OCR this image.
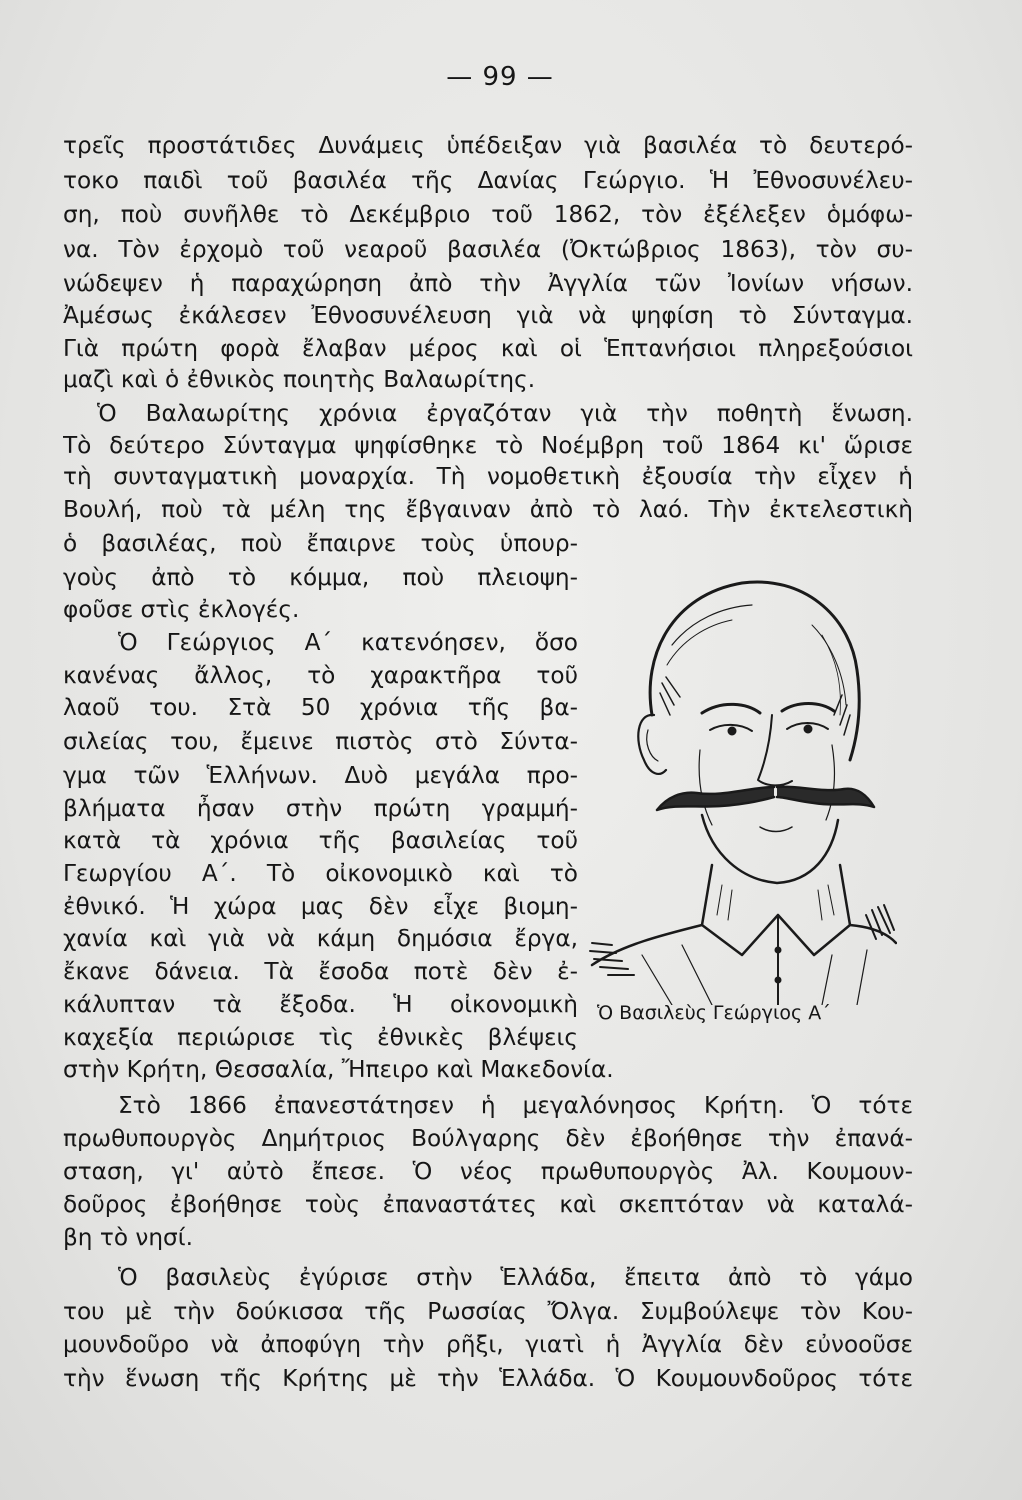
— 99 —
τρεῖς προστάτιδες Δυνάμεις ὑπέδειξαν γιὰ βασιλέα τὸ δευτερό-
τοκο παιδὶ τοῦ βασιλέα τῆς Δανίας Γεώργιο. Ἡ Ἐθνοσυνέλευ-
ση, ποὺ συνῆλθε τὸ Δεκέμβριο τοῦ 1862, τὸν ἐξέλεξεν ὁμόφω-
να. Τὸν ἐρχομὸ τοῦ νεαροῦ βασιλέα (Ὀκτώβριος 1863), τὸν συ-
νώδεψεν ἡ παραχώρηση ἀπὸ τὴν Ἀγγλία τῶν Ἰονίων νήσων.
Ἀμέσως ἐκάλεσεν Ἐθνοσυνέλευση γιὰ νὰ ψηφίση τὸ Σύνταγμα.
Γιὰ πρώτη φορὰ ἔλαβαν μέρος καὶ οἱ Ἑπτανήσιοι πληρεξούσιοι
μαζὶ καὶ ὁ ἐθνικὸς ποιητὴς Βαλαωρίτης.
Ὁ Βαλαωρίτης χρόνια ἐργαζόταν γιὰ τὴν ποθητὴ ἕνωση.
Τὸ δεύτερο Σύνταγμα ψηφίσθηκε τὸ Νοέμβρη τοῦ 1864 κι' ὥρισε
τὴ συνταγματικὴ μοναρχία. Τὴ νομοθετικὴ ἐξουσία τὴν εἶχεν ἡ
Βουλή, ποὺ τὰ μέλη της ἔβγαιναν ἀπὸ τὸ λαό. Τὴν ἐκτελεστικὴ
ὁ βασιλέας, ποὺ ἔπαιρνε τοὺς ὑπουρ-
γοὺς ἀπὸ τὸ κόμμα, ποὺ πλειοψη-
φοῦσε στὶς ἐκλογές.
Ὁ Γεώργιος Α΄ κατενόησεν, ὅσο
κανένας ἄλλος, τὸ χαρακτῆρα τοῦ
λαοῦ του. Στὰ 50 χρόνια τῆς βα-
σιλείας του, ἔμεινε πιστὸς στὸ Σύντα-
γμα τῶν Ἑλλήνων. Δυὸ μεγάλα προ-
βλήματα ἦσαν στὴν πρώτη γραμμή-
κατὰ τὰ χρόνια τῆς βασιλείας τοῦ
Γεωργίου Α΄. Τὸ οἰκονομικὸ καὶ τὸ
ἐθνικό. Ἡ χώρα μας δὲν εἶχε βιομη-
χανία καὶ γιὰ νὰ κάμη δημόσια ἔργα,
ἔκανε δάνεια. Τὰ ἔσοδα ποτὲ δὲν ἐ-
κάλυπταν τὰ ἔξοδα. Ἡ οἰκονομικὴ
καχεξία περιώρισε τὶς ἐθνικὲς βλέψεις
στὴν Κρήτη, Θεσσαλία, Ἤπειρο καὶ Μακεδονία.
Στὸ 1866 ἐπανεστάτησεν ἡ μεγαλόνησος Κρήτη. Ὁ τότε
πρωθυπουργὸς Δημήτριος Βούλγαρης δὲν ἐβοήθησε τὴν ἐπανά-
σταση, γι' αὐτὸ ἔπεσε. Ὁ νέος πρωθυπουργὸς Ἀλ. Κουμουν-
δοῦρος ἐβοήθησε τοὺς ἐπαναστάτες καὶ σκεπτόταν νὰ καταλά-
βη τὸ νησί.
Ὁ βασιλεὺς ἐγύρισε στὴν Ἑλλάδα, ἔπειτα ἀπὸ τὸ γάμο
του μὲ τὴν δούκισσα τῆς Ρωσσίας Ὄλγα. Συμβούλεψε τὸν Κου-
μουνδοῦρο νὰ ἀποφύγη τὴν ρῆξι, γιατὶ ἡ Ἀγγλία δὲν εὐνοοῦσε
τὴν ἕνωση τῆς Κρήτης μὲ τὴν Ἑλλάδα. Ὁ Κουμουνδοῦρος τότε
Ὁ Βασιλεὺς Γεώργιος Α΄
